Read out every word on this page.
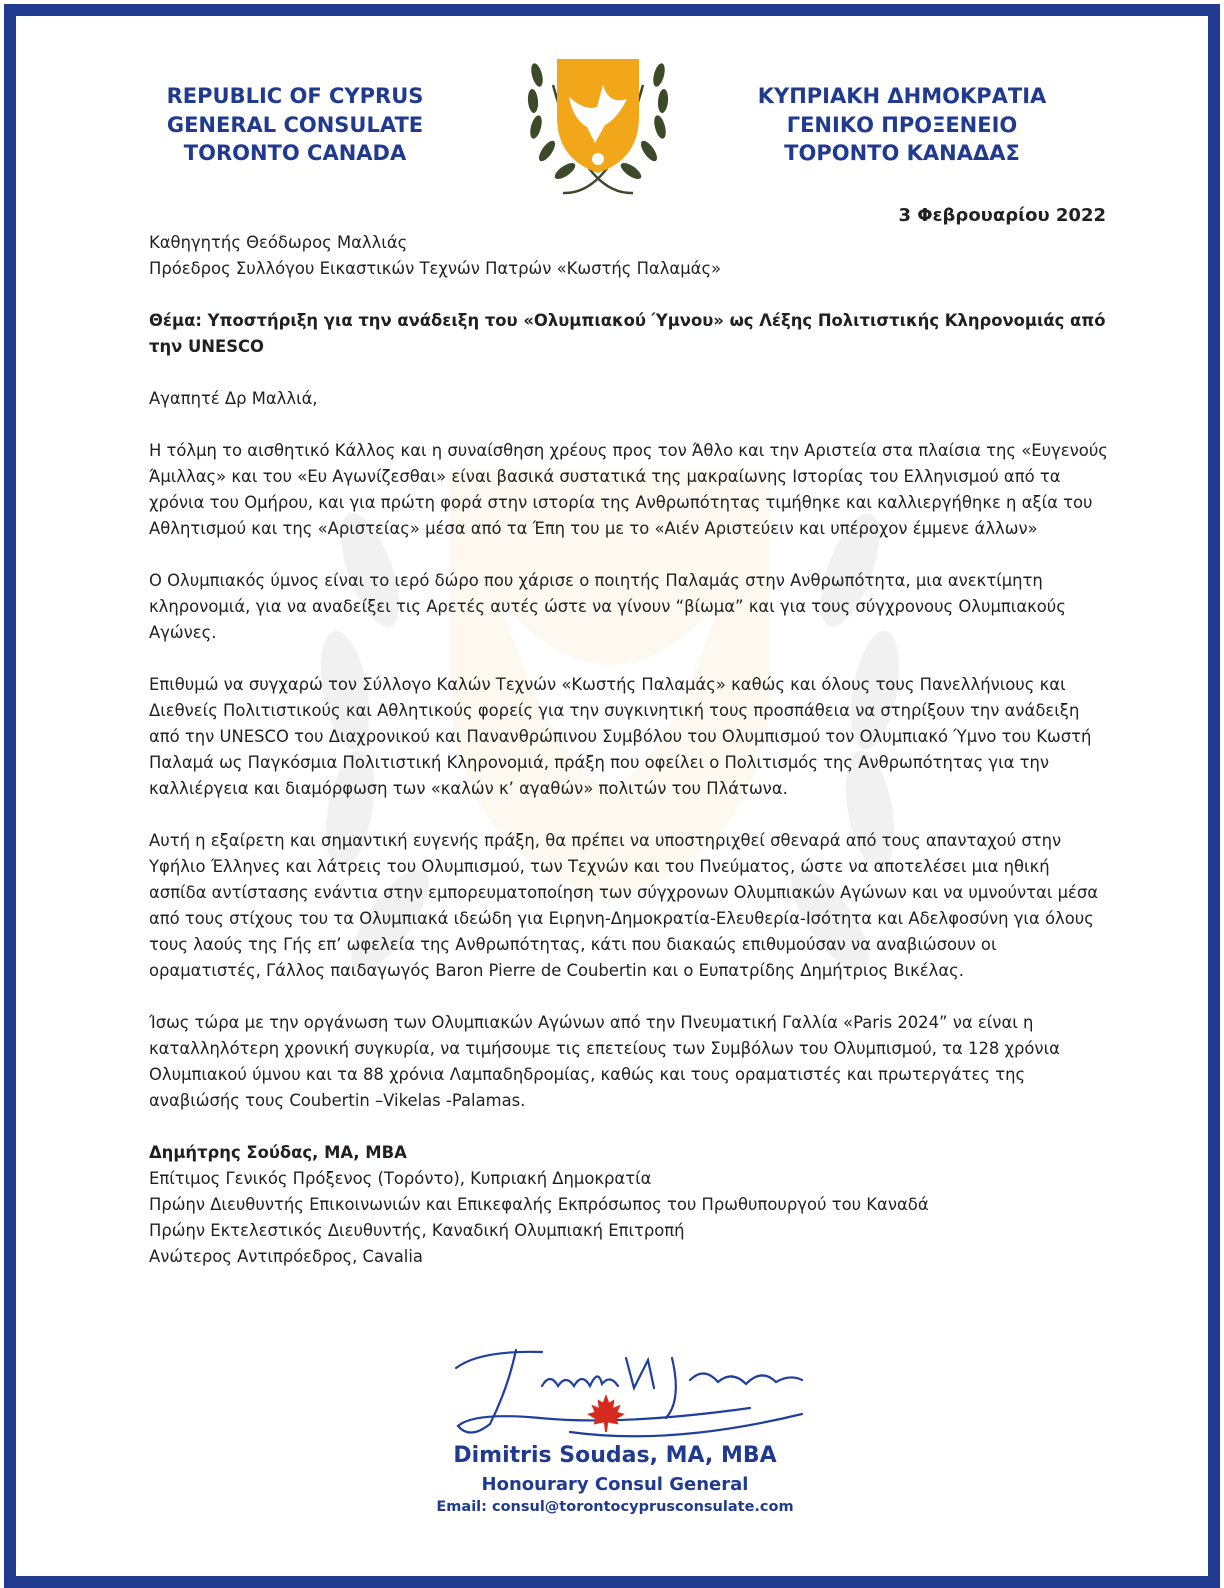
REPUBLIC OF CYPRUS
GENERAL CONSULATE
TORONTO CANADA
ΚΥΠΡΙΑΚΗ ΔΗΜΟΚΡΑΤΙΑ
ΓΕΝΙΚΟ ΠΡΟΞΕΝΕΙΟ
ΤΟΡΟΝΤΟ ΚΑΝΑΔΑΣ
3 Φεβρουαρίου 2022

Καθηγητής Θεόδωρος Μαλλιάς

Πρόεδρος Συλλόγου Εικαστικών Τεχνών Πατρών «Κωστής Παλαμάς»

Θέμα: Υποστήριξη για την ανάδειξη του «Ολυμπιακού Ύμνου» ως Λέξης Πολιτιστικής Κληρονομιάς από την UNESCO

Αγαπητέ Δρ Μαλλιά,

Η τόλμη το αισθητικό Κάλλος και η συναίσθηση χρέους προς τον Άθλο και την Αριστεία στα πλαίσια της «Ευγενούς Άμιλλας» και του «Ευ Αγωνίζεσθαι» είναι βασικά συστατικά της μακραίωνης Ιστορίας του Ελληνισμού από τα χρόνια του Ομήρου, και για πρώτη φορά στην ιστορία της Ανθρωπότητας τιμήθηκε και καλλιεργήθηκε η αξία του Αθλητισμού και της «Αριστείας» μέσα από τα Έπη του με το «Αιέν Αριστεύειν και υπέροχον έμμενε άλλων»

Ο Ολυμπιακός ύμνος είναι το ιερό δώρο που χάρισε ο ποιητής Παλαμάς στην Ανθρωπότητα, μια ανεκτίμητη κληρονομιά, για να αναδείξει τις Αρετές αυτές ώστε να γίνουν “βίωμα” και για τους σύγχρονους Ολυμπιακούς Αγώνες.

Επιθυμώ να συγχαρώ τον Σύλλογο Καλών Τεχνών «Κωστής Παλαμάς» καθώς και όλους τους Πανελλήνιους και Διεθνείς Πολιτιστικούς και Αθλητικούς φορείς για την συγκινητική τους προσπάθεια να στηρίξουν την ανάδειξη από την UNESCO του Διαχρονικού και Πανανθρώπινου Συμβόλου του Ολυμπισμού τον Ολυμπιακό Ύμνο του Κωστή Παλαμά ως Παγκόσμια Πολιτιστική Κληρονομιά, πράξη που οφείλει ο Πολιτισμός της Ανθρωπότητας για την καλλιέργεια και διαμόρφωση των «καλών κ’ αγαθών» πολιτών του Πλάτωνα.

Αυτή η εξαίρετη και σημαντική ευγενής πράξη, θα πρέπει να υποστηριχθεί σθεναρά από τους απανταχού στην Υφήλιο Έλληνες και λάτρεις του Ολυμπισμού, των Τεχνών και του Πνεύματος, ώστε να αποτελέσει μια ηθική ασπίδα αντίστασης ενάντια στην εμπορευματοποίηση των σύγχρονων Ολυμπιακών Αγώνων και να υμνούνται μέσα από τους στίχους του τα Ολυμπιακά ιδεώδη για Ειρηνη-Δημοκρατία-Ελευθερία-Ισότητα και Αδελφοσύνη για όλους τους λαούς της Γής επ’ ωφελεία της Ανθρωπότητας, κάτι που διακαώς επιθυμούσαν να αναβιώσουν οι οραματιστές, Γάλλος παιδαγωγός Baron Pierre de Coubertin και ο Ευπατρίδης Δημήτριος Βικέλας.

Ίσως τώρα με την οργάνωση των Ολυμπιακών Αγώνων από την Πνευματική Γαλλία «Paris 2024” να είναι η καταλληλότερη χρονική συγκυρία, να τιμήσουμε τις επετείους των Συμβόλων του Ολυμπισμού, τα 128 χρόνια Ολυμπιακού ύμνου και τα 88 χρόνια Λαμπαδηδρομίας, καθώς και τους οραματιστές και πρωτεργάτες της αναβιώσής τους Coubertin –Vikelas -Palamas.

Δημήτρης Σούδας, MA, MBA

Επίτιμος Γενικός Πρόξενος (Τορόντο), Κυπριακή Δημοκρατία

Πρώην Διευθυντής Επικοινωνιών και Επικεφαλής Εκπρόσωπος του Πρωθυπουργού του Καναδά

Πρώην Εκτελεστικός Διευθυντής, Καναδική Ολυμπιακή Επιτροπή

Ανώτερος Αντιπρόεδρος, Cavalia

Dimitris Soudas, MA, MBA
Honourary Consul General
Email: consul@torontocyprusconsulate.com
